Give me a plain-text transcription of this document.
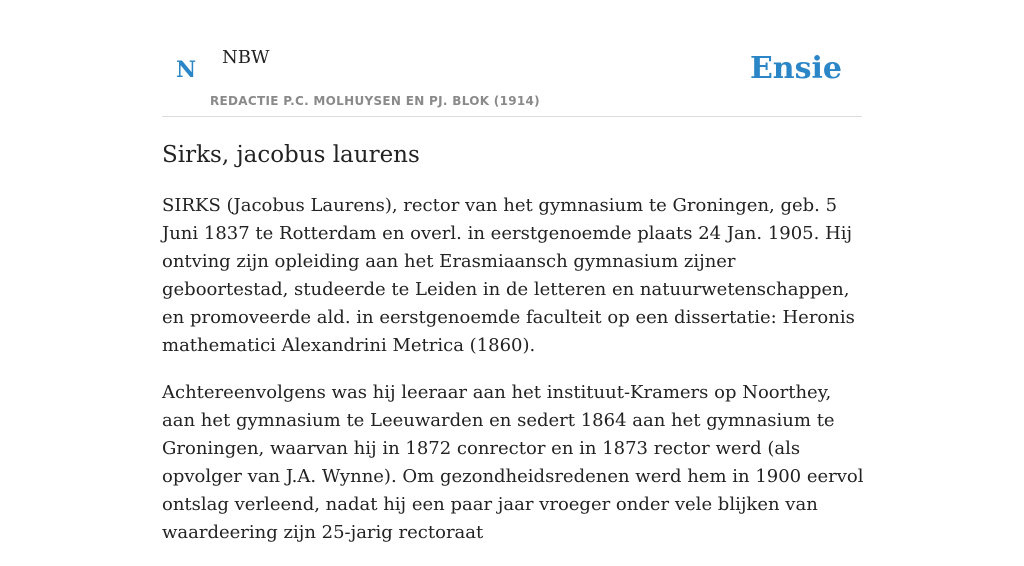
N NBW
REDACTIE P.C. MOLHUYSEN EN PJ. BLOK (1914)
Ensie
Sirks, jacobus laurens

SIRKS (Jacobus Laurens), rector van het gymnasium te Groningen, geb. 5 Juni 1837 te Rotterdam en overl. in eerstgenoemde plaats 24 Jan. 1905. Hij ontving zijn opleiding aan het Erasmiaansch gymnasium zijner geboortestad, studeerde te Leiden in de letteren en natuurwetenschappen, en promoveerde ald. in eerstgenoemde faculteit op een dissertatie: Heronis mathematici Alexandrini Metrica (1860).

Achtereenvolgens was hij leeraar aan het instituut-Kramers op Noorthey, aan het gymnasium te Leeuwarden en sedert 1864 aan het gymnasium te Groningen, waarvan hij in 1872 conrector en in 1873 rector werd (als opvolger van J.A. Wynne). Om gezondheidsredenen werd hem in 1900 eervol ontslag verleend, nadat hij een paar jaar vroeger onder vele blijken van waardeering zijn 25-jarig rectoraat
